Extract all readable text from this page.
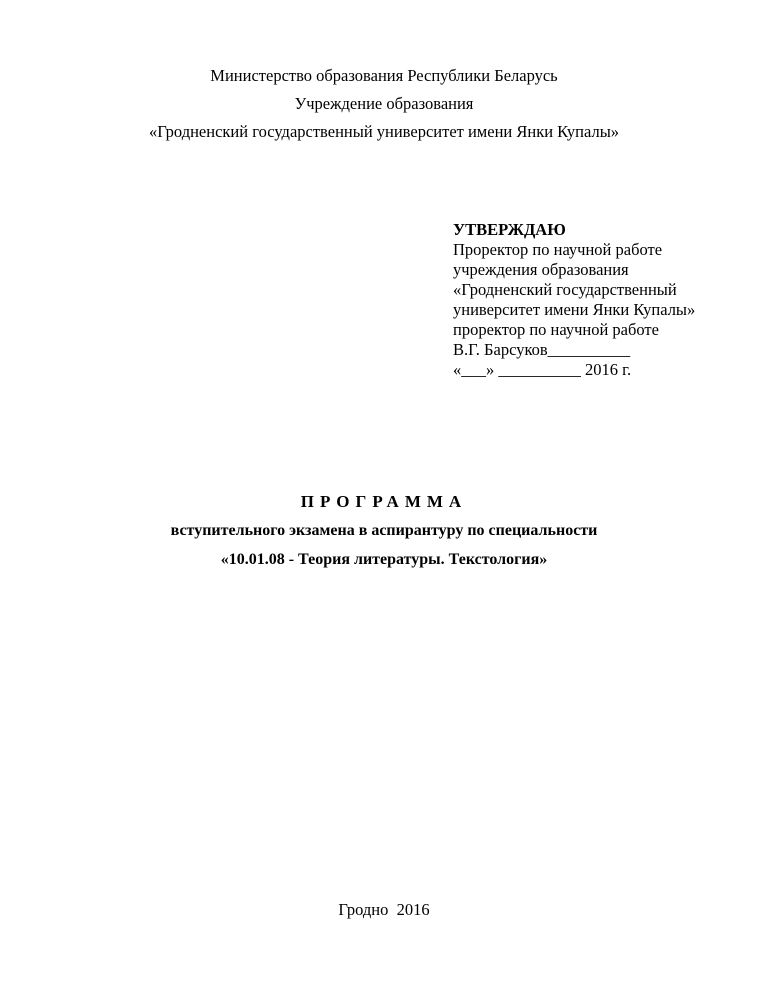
Министерство образования Республики Беларусь
Учреждение образования
«Гродненский государственный университет имени Янки Купалы»
УТВЕРЖДАЮ
Проректор по научной работе
учреждения образования
«Гродненский государственный
университет имени Янки Купалы»
проректор по научной работе
В.Г. Барсуков__________
«___» __________ 2016 г.
ПРОГРАММА
вступительного экзамена в аспирантуру по специальности
«10.01.08 - Теория литературы. Текстология»
Гродно  2016
